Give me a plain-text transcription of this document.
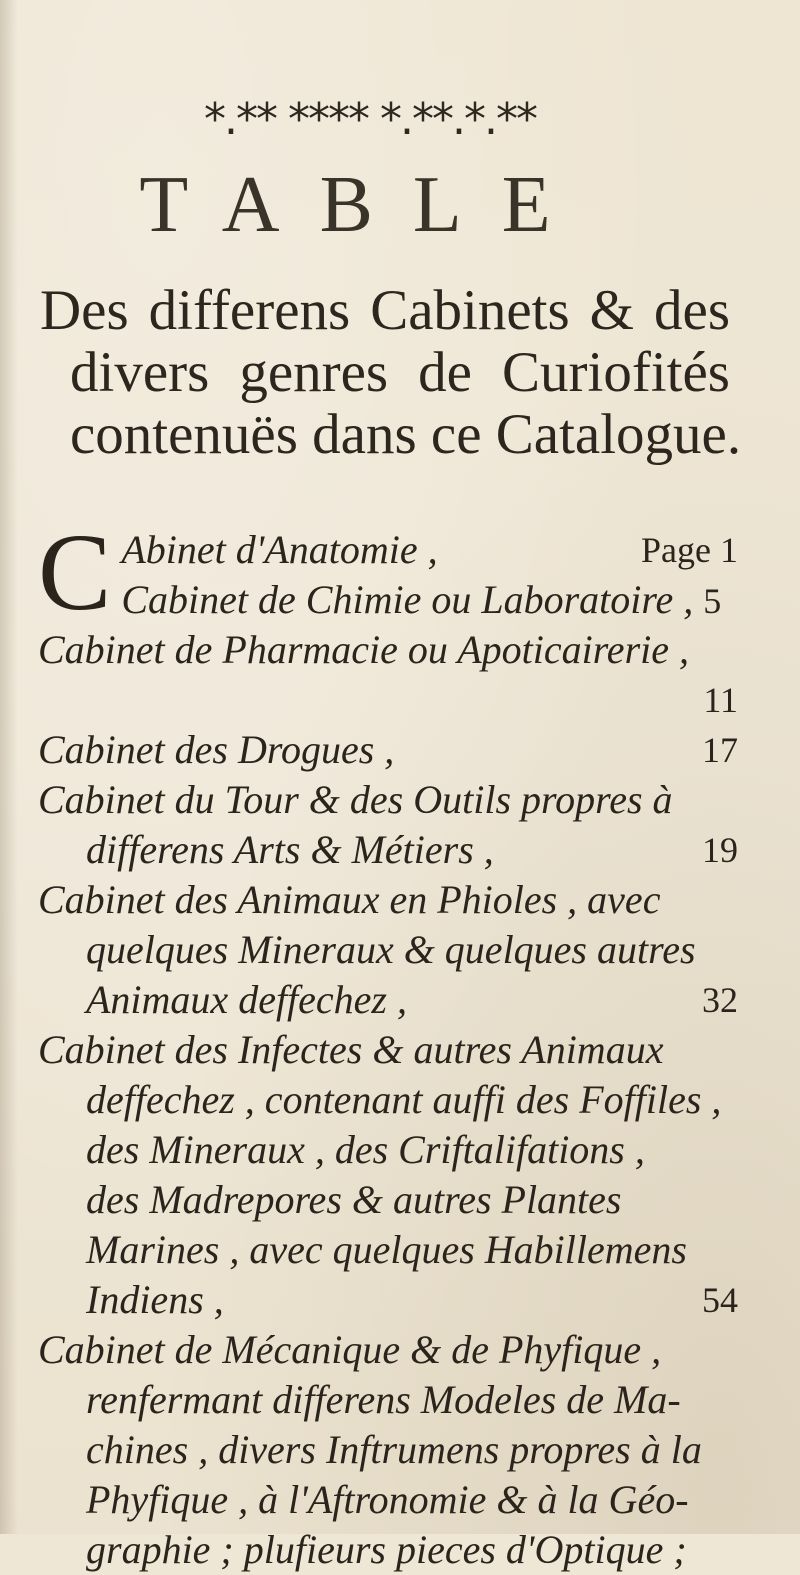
*.** **** *.**.*.**
TABLE
Des differens Cabinets & des
divers genres de Curiofités
contenuës dans ce Catalogue.
C Abinet d'Anatomie ,	Page 1
Cabinet de Chimie ou Laboratoire , 5
Cabinet de Pharmacie ou Apoticairerie ,
11
Cabinet des Drogues ,	17
Cabinet du Tour & des Outils propres à
differens Arts & Métiers ,	19
Cabinet des Animaux en Phioles , avec
quelques Mineraux & quelques autres
Animaux deffechez ,	32
Cabinet des Infectes & autres Animaux
deffechez , contenant auffi des Foffiles ,
des Mineraux , des Criftalifations ,
des Madrepores & autres Plantes
Marines , avec quelques Habillemens
Indiens ,	54
Cabinet de Mécanique & de Phyfique ,
renfermant differens Modeles de Ma-
chines , divers Inftrumens propres à la
Phyfique , à l'Aftronomie & à la Géo-
graphie ; plufieurs pieces d'Optique ;
